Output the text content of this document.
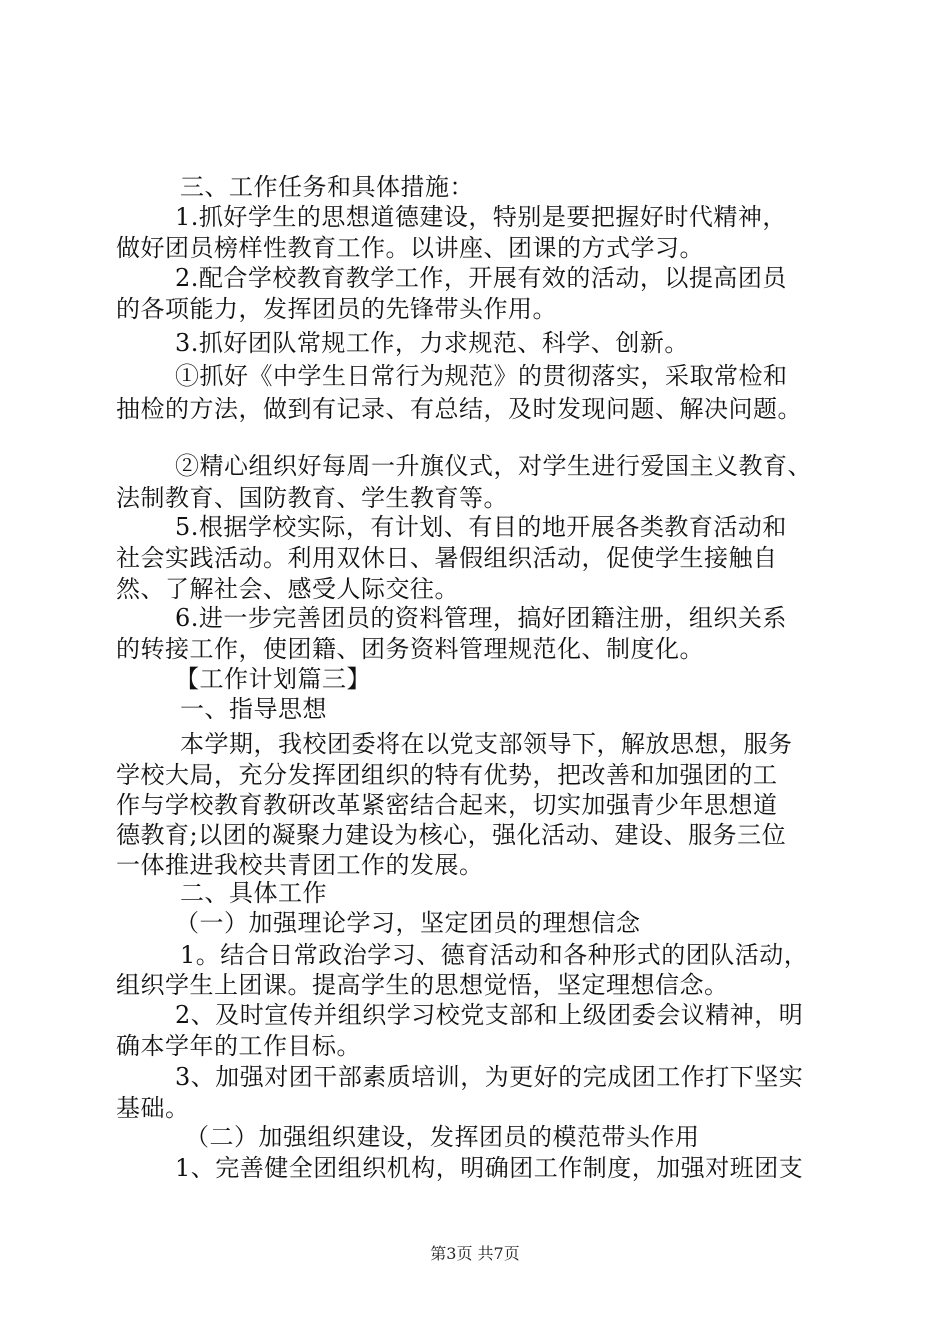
三、工作任务和具体措施：
1.抓好学生的思想道德建设，特别是要把握好时代精神，
做好团员榜样性教育工作。以讲座、团课的方式学习。
2.配合学校教育教学工作，开展有效的活动，以提高团员
的各项能力，发挥团员的先锋带头作用。
3.抓好团队常规工作，力求规范、科学、创新。
①抓好《中学生日常行为规范》的贯彻落实，采取常检和
抽检的方法，做到有记录、有总结，及时发现问题、解决问题。
②精心组织好每周一升旗仪式，对学生进行爱国主义教育、
法制教育、国防教育、学生教育等。
5.根据学校实际，有计划、有目的地开展各类教育活动和
社会实践活动。利用双休日、暑假组织活动，促使学生接触自
然、了解社会、感受人际交往。
6.进一步完善团员的资料管理，搞好团籍注册，组织关系
的转接工作，使团籍、团务资料管理规范化、制度化。
【工作计划篇三】
一、指导思想
本学期，我校团委将在以党支部领导下，解放思想，服务
学校大局，充分发挥团组织的特有优势，把改善和加强团的工
作与学校教育教研改革紧密结合起来，切实加强青少年思想道
德教育;以团的凝聚力建设为核心，强化活动、建设、服务三位
一体推进我校共青团工作的发展。
二、具体工作
（一）加强理论学习，坚定团员的理想信念
1。结合日常政治学习、德育活动和各种形式的团队活动，
组织学生上团课。提高学生的思想觉悟，坚定理想信念。
2、及时宣传并组织学习校党支部和上级团委会议精神，明
确本学年的工作目标。
3、加强对团干部素质培训，为更好的完成团工作打下坚实
基础。
（二）加强组织建设，发挥团员的模范带头作用
1、完善健全团组织机构，明确团工作制度，加强对班团支
第3页 共7页
